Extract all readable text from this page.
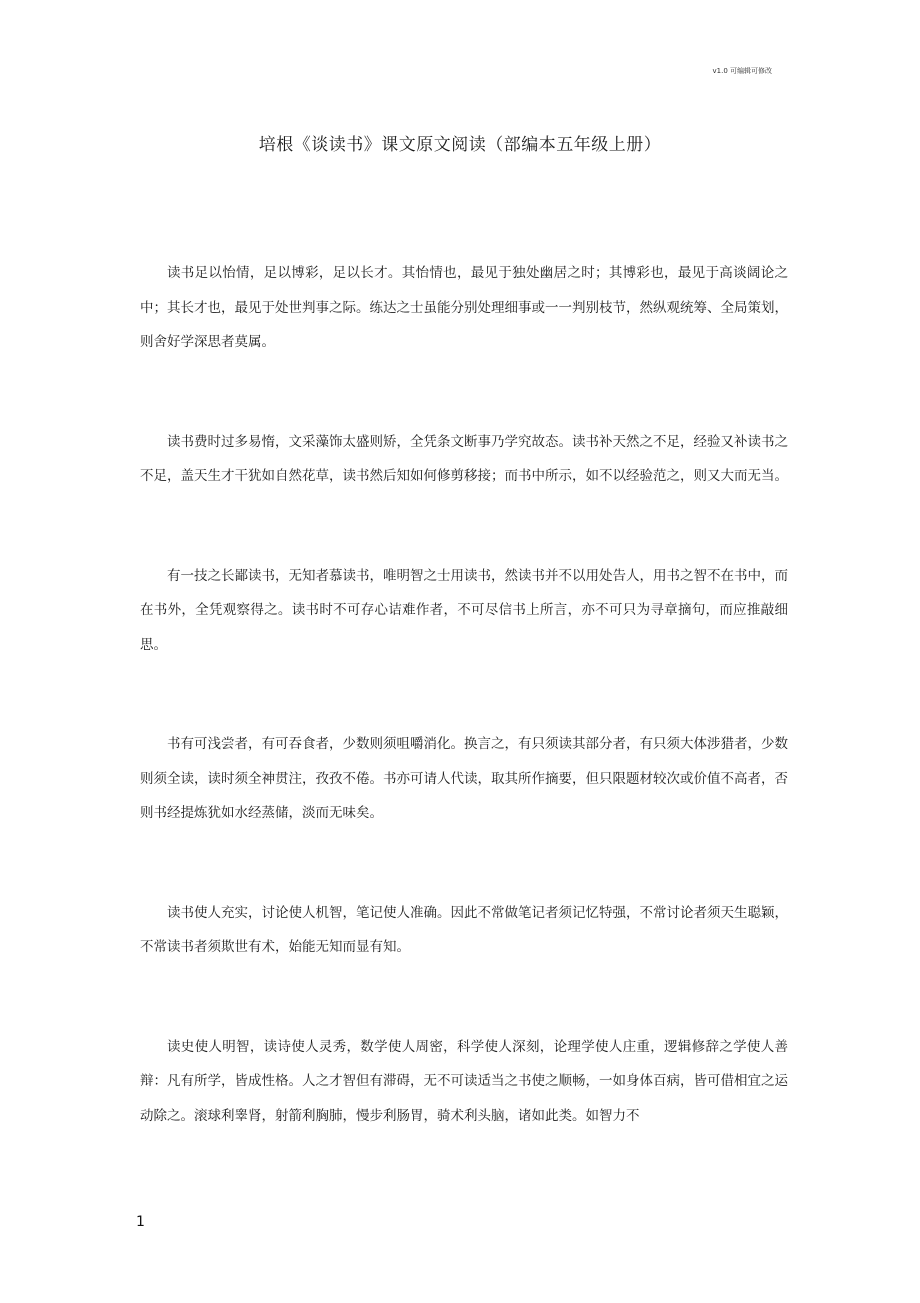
v1.0 可编辑可修改
培根《谈读书》课文原文阅读（部编本五年级上册）

读书足以怡情，足以博彩，足以长才。其怡情也，最见于独处幽居之时；其博彩也，最见于高谈阔论之中；其长才也，最见于处世判事之际。练达之士虽能分别处理细事或一一判别枝节，然纵观统筹、全局策划，则舍好学深思者莫属。

读书费时过多易惰，文采藻饰太盛则矫，全凭条文断事乃学究故态。读书补天然之不足，经验又补读书之不足，盖天生才干犹如自然花草，读书然后知如何修剪移接；而书中所示，如不以经验范之，则又大而无当。

有一技之长鄙读书，无知者慕读书，唯明智之士用读书，然读书并不以用处告人，用书之智不在书中，而在书外，全凭观察得之。读书时不可存心诘难作者，不可尽信书上所言，亦不可只为寻章摘句，而应推敲细思。

书有可浅尝者，有可吞食者，少数则须咀嚼消化。换言之，有只须读其部分者，有只须大体涉猎者，少数则须全读，读时须全神贯注，孜孜不倦。书亦可请人代读，取其所作摘要，但只限题材较次或价值不高者，否则书经提炼犹如水经蒸储，淡而无味矣。

读书使人充实，讨论使人机智，笔记使人准确。因此不常做笔记者须记忆特强，不常讨论者须天生聪颖，不常读书者须欺世有术，始能无知而显有知。

读史使人明智，读诗使人灵秀，数学使人周密，科学使人深刻，论理学使人庄重，逻辑修辞之学使人善辩：凡有所学，皆成性格。人之才智但有滞碍，无不可读适当之书使之顺畅，一如身体百病，皆可借相宜之运动除之。滚球利睾肾，射箭利胸肺，慢步利肠胃，骑术利头脑，诸如此类。如智力不

1
